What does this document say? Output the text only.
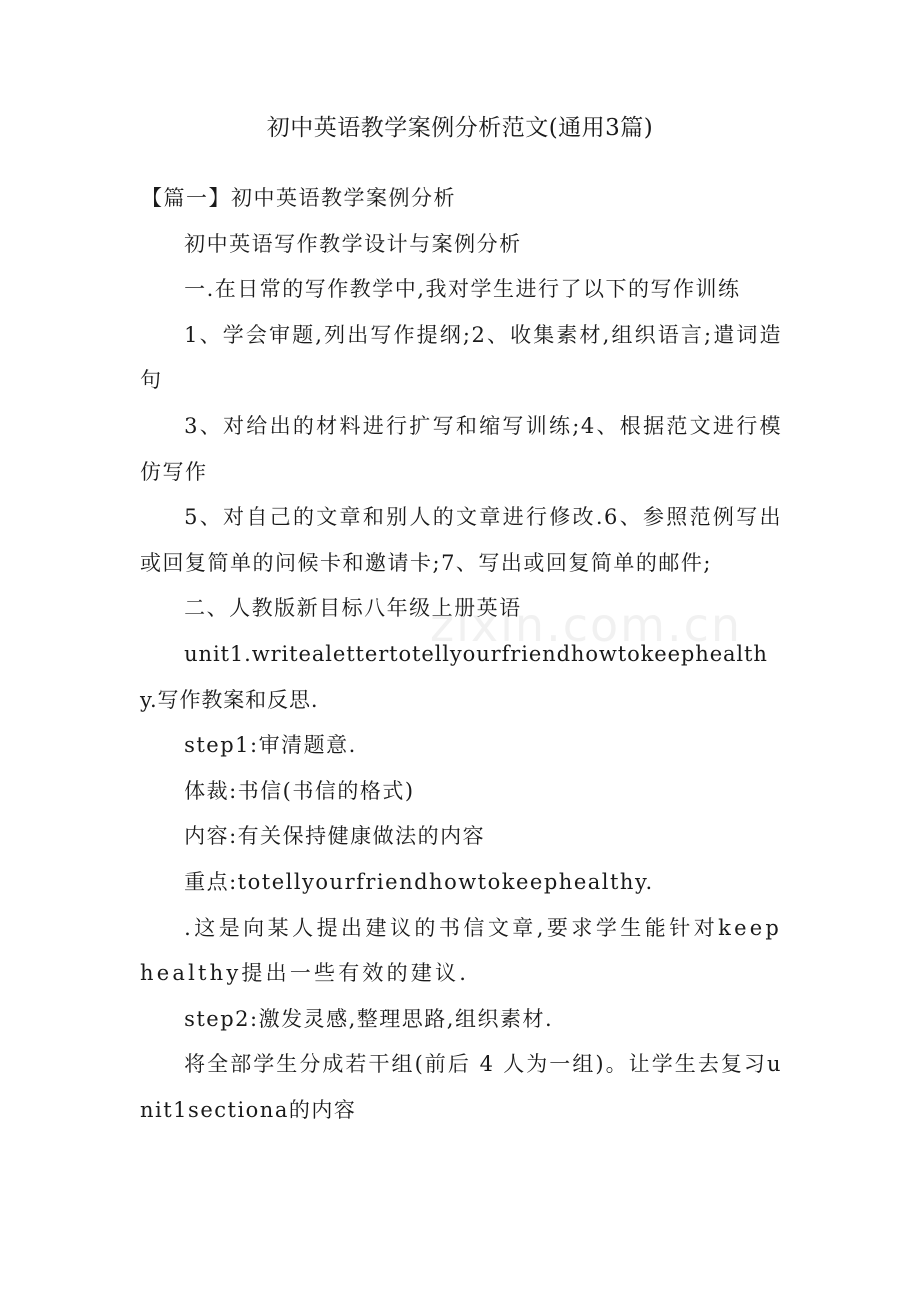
初中英语教学案例分析范文(通用3篇)

【篇一】初中英语教学案例分析

初中英语写作教学设计与案例分析

一.在日常的写作教学中,我对学生进行了以下的写作训练

1、学会审题,列出写作提纲;2、收集素材,组织语言;遣词造句

3、对给出的材料进行扩写和缩写训练;4、根据范文进行模仿写作

5、对自己的文章和别人的文章进行修改.6、参照范例写出或回复简单的问候卡和邀请卡;7、写出或回复简单的邮件;

二、人教版新目标八年级上册英语

unit1.writealettertotellyourfriendhowtokeephealthy.写作教案和反思.

step1:审清题意.

体裁:书信(书信的格式)

内容:有关保持健康做法的内容

重点:totellyourfriendhowtokeephealthy.

.这是向某人提出建议的书信文章,要求学生能针对keephealthy提出一些有效的建议.

step2:激发灵感,整理思路,组织素材.

将全部学生分成若干组(前后 4 人为一组)。让学生去复习unit1sectiona的内容

zixin.com.cn
